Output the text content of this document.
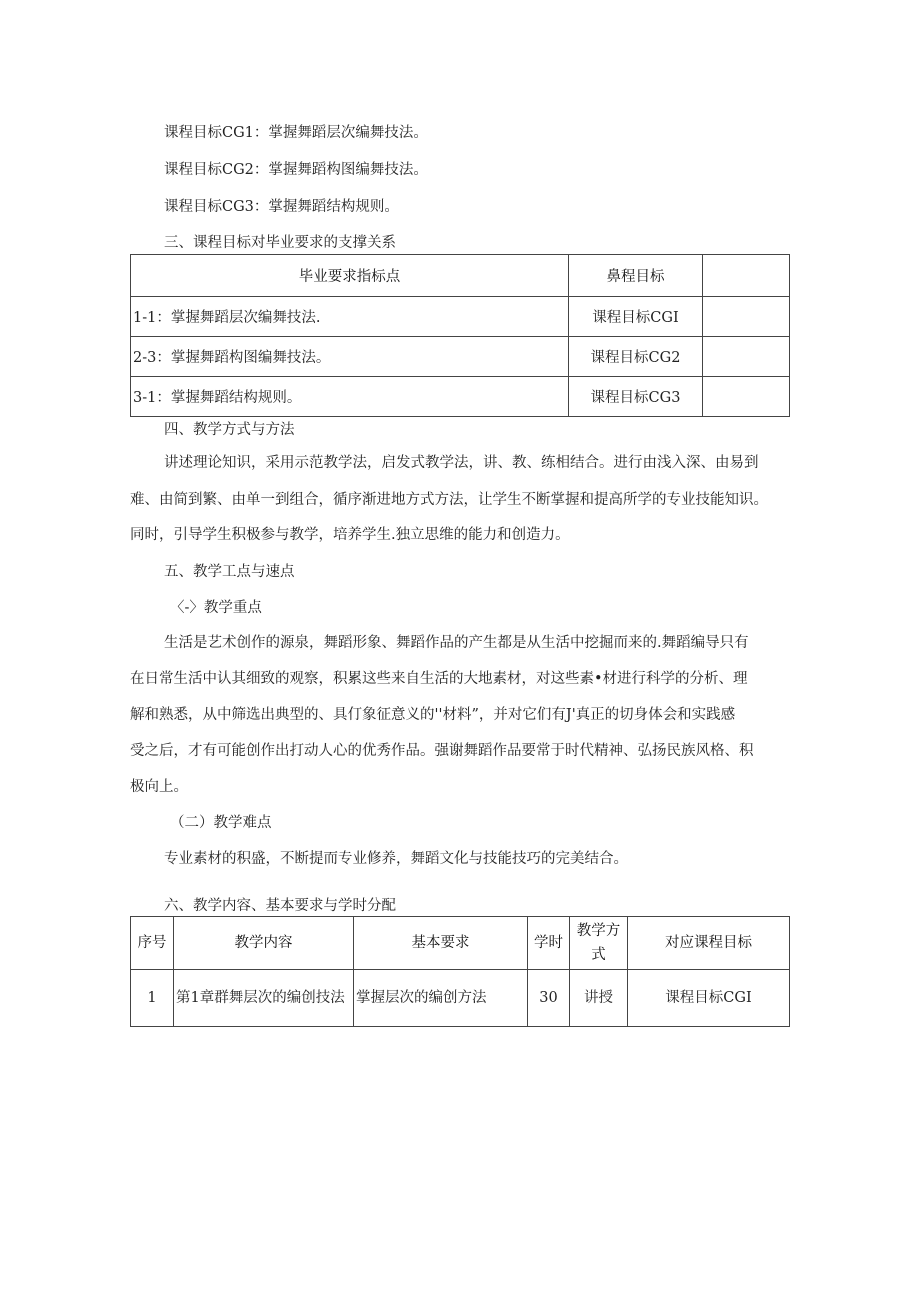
课程目标CG1：掌握舞蹈层次编舞技法。
课程目标CG2：掌握舞蹈构图编舞技法。
课程目标CG3：掌握舞蹈结构规则。
三、课程目标对毕业要求的支撑关系
毕业要求指标点	鼻程目标	
1-1：掌握舞蹈层次编舞技法.	课程目标CGI	
2-3：掌握舞蹈构图编舞技法。	课程目标CG2	
3-1：掌握舞蹈结构规则。	课程目标CG3	
四、教学方式与方法
讲述理论知识，采用示范教学法，启发式教学法，讲、教、练相结合。进行由浅入深、由易到
难、由简到繁、由单一到组合，循序渐进地方式方法，让学生不断掌握和提高所学的专业技能知识。
同时，引导学生积极参与教学，培养学生.独立思维的能力和创造力。
五、教学工点与速点
〈-〉教学重点
生活是艺术创作的源泉，舞蹈形象、舞蹈作品的产生都是从生活中挖掘而来的.舞蹈编导只有
在日常生活中认其细致的观察，积累这些来自生活的大地素材，对这些素•材进行科学的分析、理
解和熟悉，从中筛选出典型的、具仃象征意义的''材料”，并对它们有J'真正的切身体会和实践感
受之后，才有可能创作出打动人心的优秀作品。强谢舞蹈作品要常于时代精神、弘扬民族风格、积
极向上。
（二）教学难点
专业素材的积盛，不断提而专业修养，舞蹈文化与技能技巧的完美结合。
六、教学内容、基本要求与学时分配
序号	教学内容	基本要求	学时	教学方式	对应课程目标
1	第1章群舞层次的编创技法	掌握层次的编创方法	30	讲授	课程目标CGI
